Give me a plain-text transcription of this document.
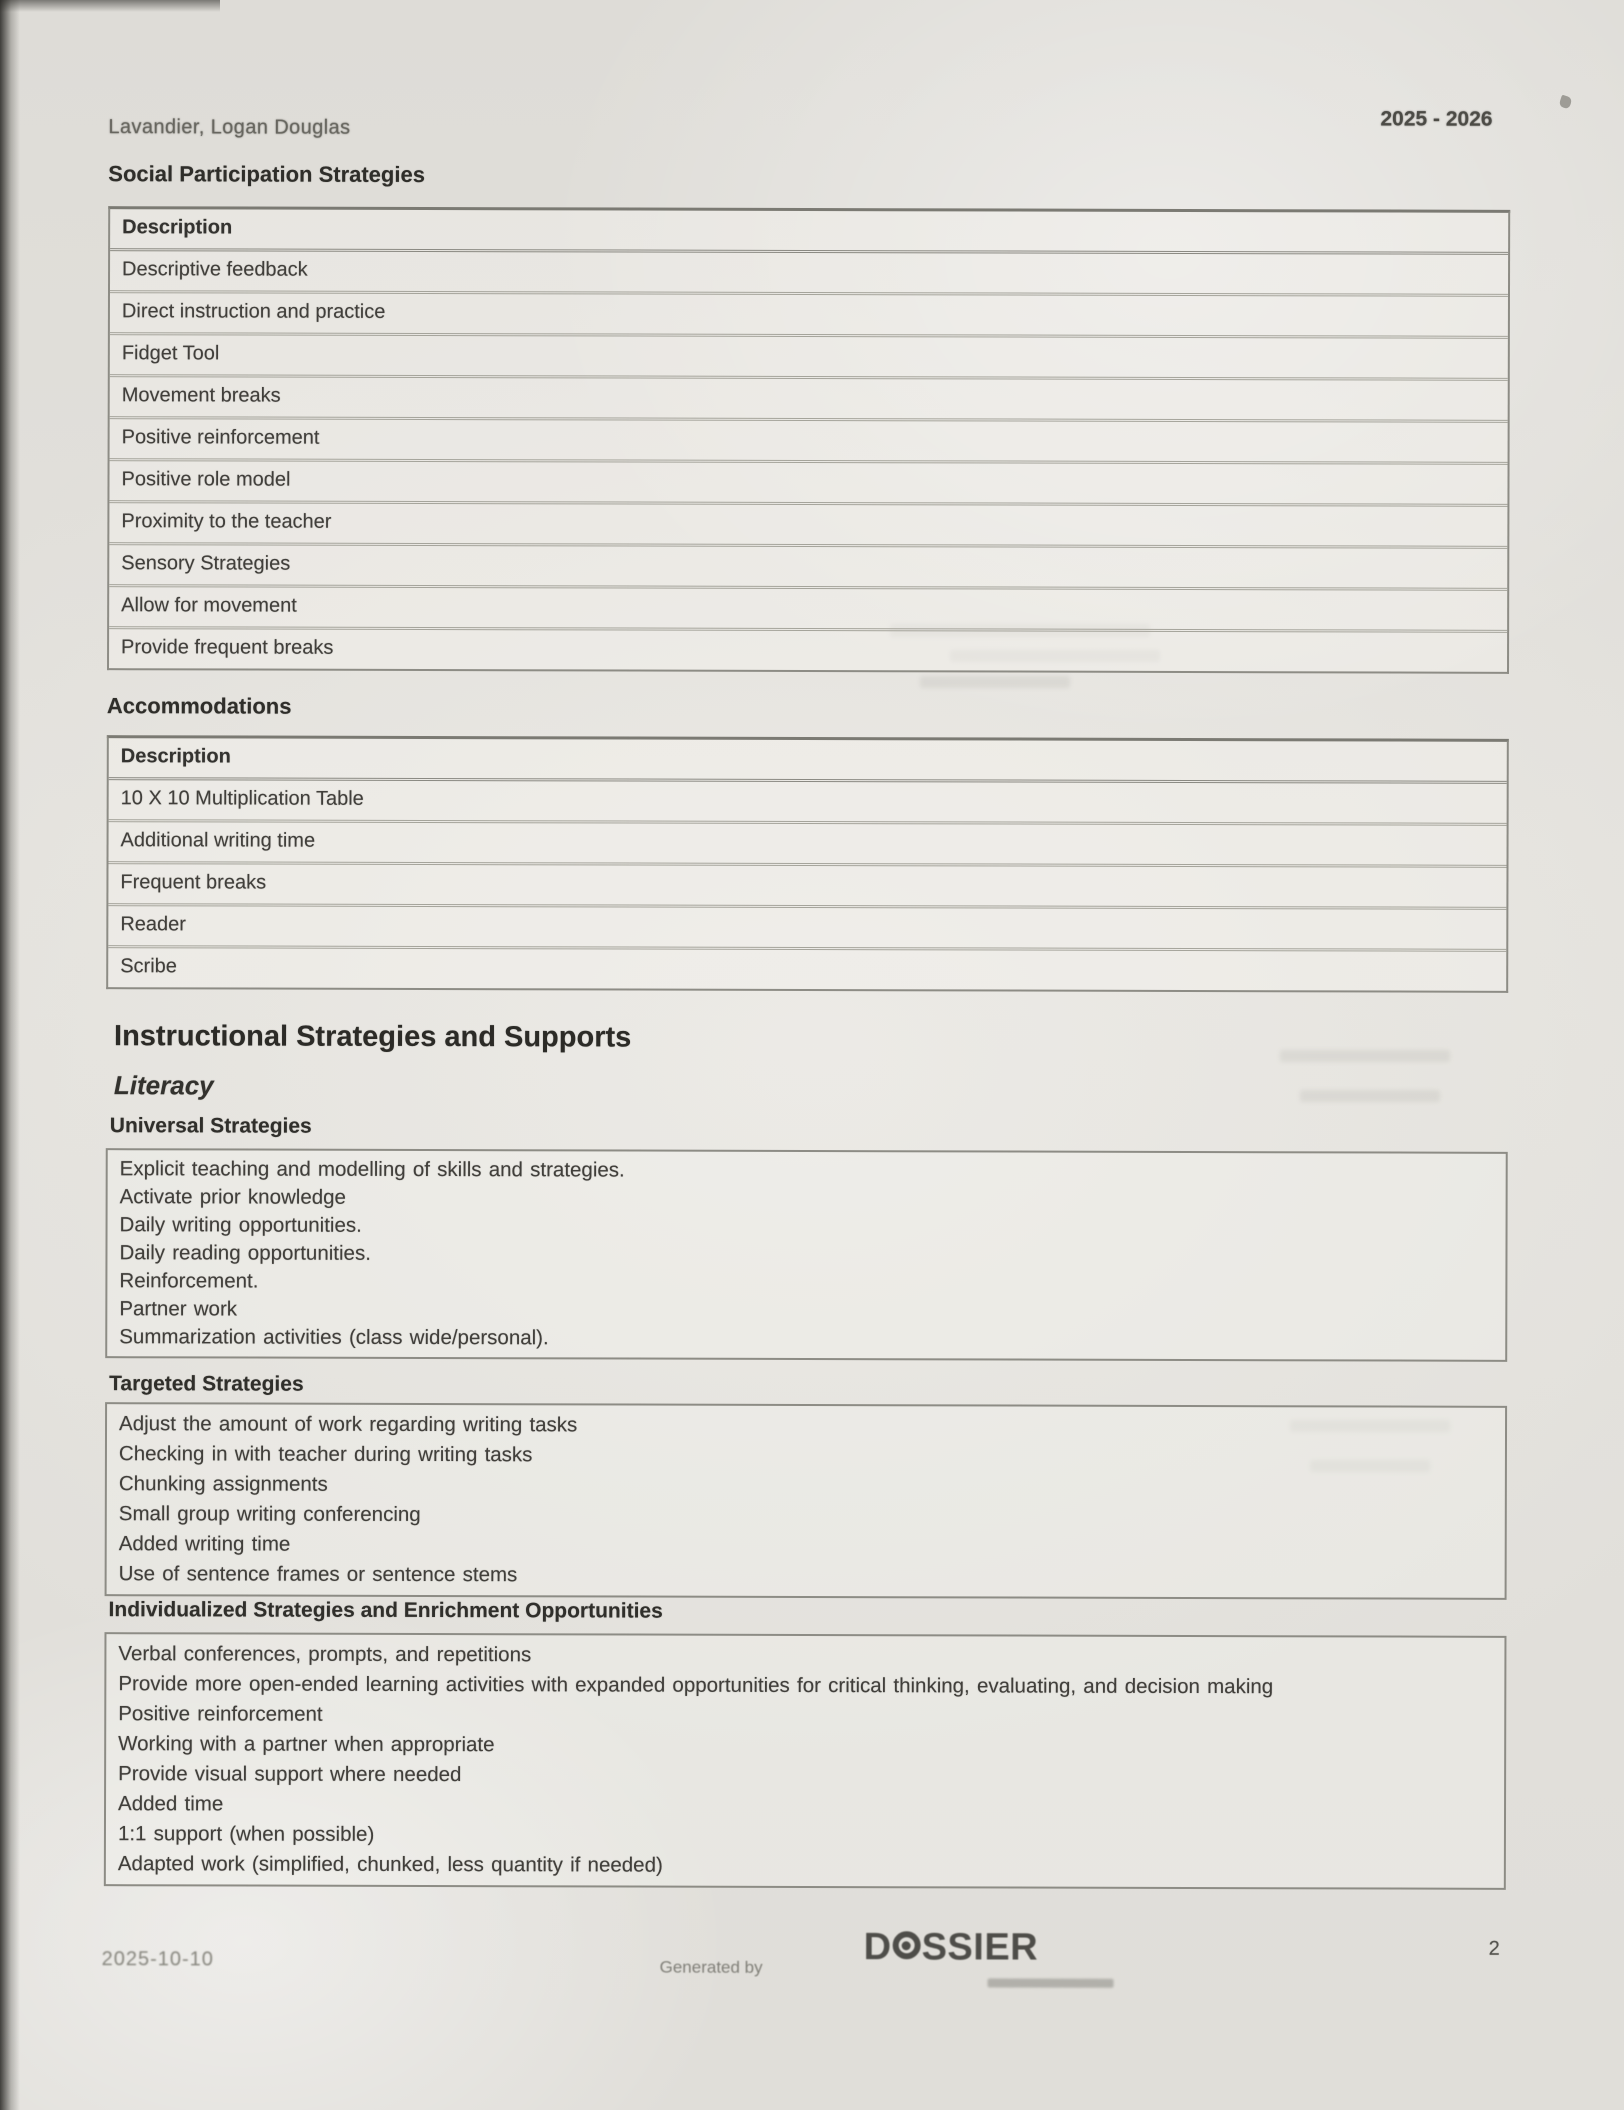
Lavandier, Logan Douglas	2025 - 2026
Social Participation Strategies
Description
Descriptive feedback
Direct instruction and practice
Fidget Tool
Movement breaks
Positive reinforcement
Positive role model
Proximity to the teacher
Sensory Strategies
Allow for movement
Provide frequent breaks
Accommodations
Description
10 X 10 Multiplication Table
Additional writing time
Frequent breaks
Reader
Scribe
Instructional Strategies and Supports
Literacy
Universal Strategies
Explicit teaching and modelling of skills and strategies.
Activate prior knowledge
Daily writing opportunities.
Daily reading opportunities.
Reinforcement.
Partner work
Summarization activities (class wide/personal).
Targeted Strategies
Adjust the amount of work regarding writing tasks
Checking in with teacher during writing tasks
Chunking assignments
Small group writing conferencing
Added writing time
Use of sentence frames or sentence stems
Individualized Strategies and Enrichment Opportunities
Verbal conferences, prompts, and repetitions
Provide more open-ended learning activities with expanded opportunities for critical thinking, evaluating, and decision making
Positive reinforcement
Working with a partner when appropriate
Provide visual support where needed
Added time
1:1 support (when possible)
Adapted work (simplified, chunked, less quantity if needed)
2025-10-10	Generated by	D SSIER	2
